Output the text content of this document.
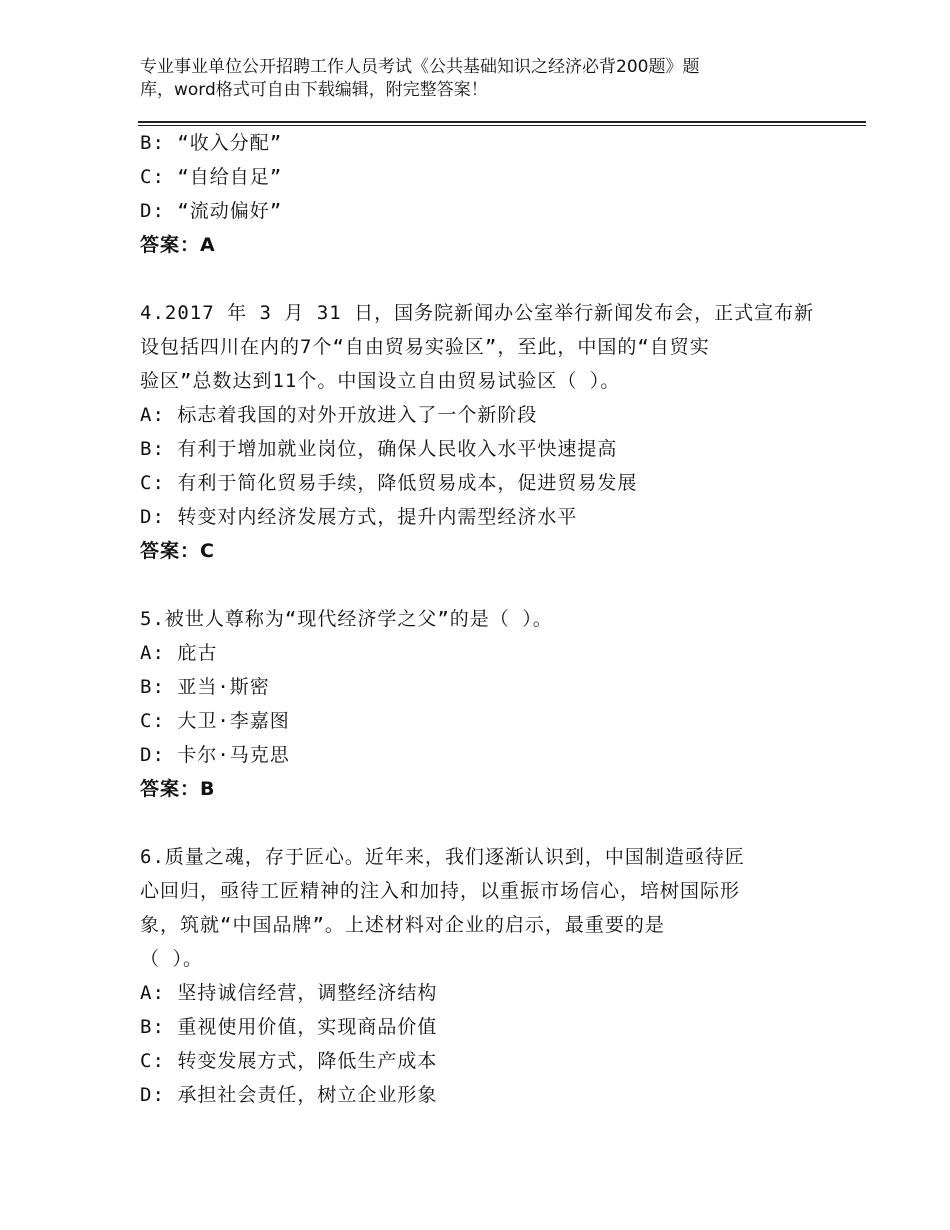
专业事业单位公开招聘工作人员考试《公共基础知识之经济必背200题》题
库，word格式可自由下载编辑，附完整答案！
B: “收入分配”
C: “自给自足”
D: “流动偏好”
答案：A
4.2017 年 3 月 31 日，国务院新闻办公室举行新闻发布会，正式宣布新
设包括四川在内的7个“自由贸易实验区”，至此，中国的“自贸实
验区”总数达到11个。中国设立自由贸易试验区（ ）。
A: 标志着我国的对外开放进入了一个新阶段
B: 有利于增加就业岗位，确保人民收入水平快速提高
C: 有利于简化贸易手续，降低贸易成本，促进贸易发展
D: 转变对内经济发展方式，提升内需型经济水平
答案：C
5.被世人尊称为“现代经济学之父”的是（ ）。
A: 庇古
B: 亚当·斯密
C: 大卫·李嘉图
D: 卡尔·马克思
答案：B
6.质量之魂，存于匠心。近年来，我们逐渐认识到，中国制造亟待匠
心回归，亟待工匠精神的注入和加持，以重振市场信心，培树国际形
象，筑就“中国品牌”。上述材料对企业的启示，最重要的是
（ ）。
A: 坚持诚信经营，调整经济结构
B: 重视使用价值，实现商品价值
C: 转变发展方式，降低生产成本
D: 承担社会责任，树立企业形象
